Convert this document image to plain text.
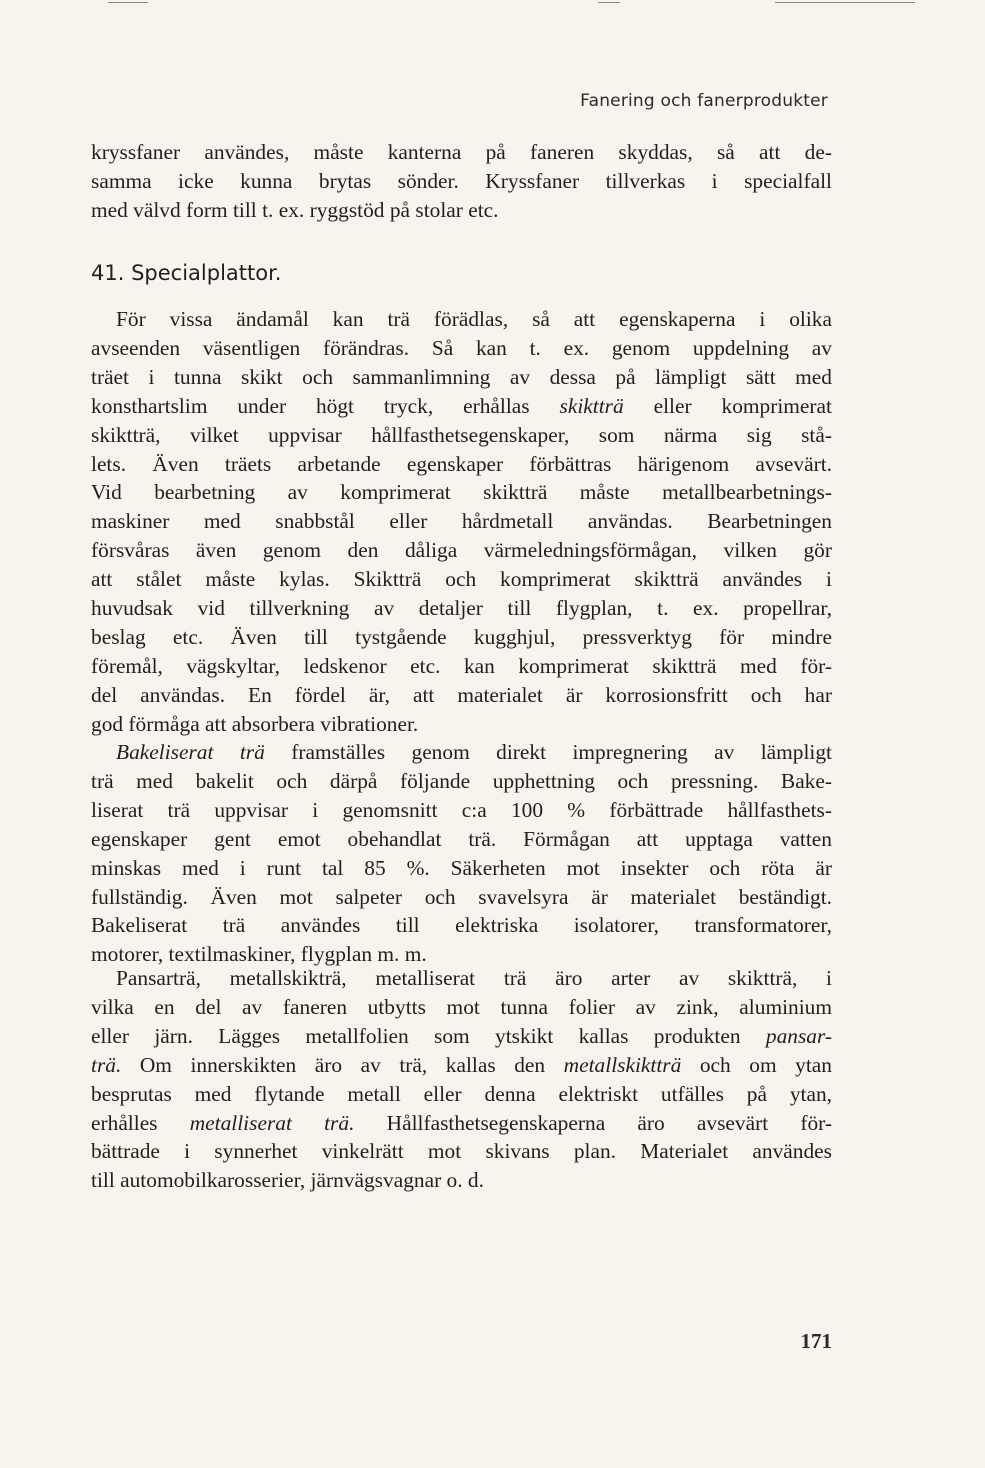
Fanering och fanerprodukter

kryssfaner användes, måste kanterna på faneren skyddas, så att de-

samma icke kunna brytas sönder. Kryssfaner tillverkas i specialfall

med välvd form till t. ex. ryggstöd på stolar etc.

41. Specialplattor.

För vissa ändamål kan trä förädlas, så att egenskaperna i olika

avseenden väsentligen förändras. Så kan t. ex. genom uppdelning av

träet i tunna skikt och sammanlimning av dessa på lämpligt sätt med

konsthartslim under högt tryck, erhållas skiktträ eller komprimerat

skiktträ, vilket uppvisar hållfasthetsegenskaper, som närma sig stå-

lets. Även träets arbetande egenskaper förbättras härigenom avsevärt.

Vid bearbetning av komprimerat skiktträ måste metallbearbetnings-

maskiner med snabbstål eller hårdmetall användas. Bearbetningen

försvåras även genom den dåliga värmeledningsförmågan, vilken gör

att stålet måste kylas. Skiktträ och komprimerat skiktträ användes i

huvudsak vid tillverkning av detaljer till flygplan, t. ex. propellrar,

beslag etc. Även till tystgående kugghjul, pressverktyg för mindre

föremål, vägskyltar, ledskenor etc. kan komprimerat skiktträ med för-

del användas. En fördel är, att materialet är korrosionsfritt och har

god förmåga att absorbera vibrationer.

Bakeliserat trä framställes genom direkt impregnering av lämpligt

trä med bakelit och därpå följande upphettning och pressning. Bake-

liserat trä uppvisar i genomsnitt c:a 100 % förbättrade hållfasthets-

egenskaper gent emot obehandlat trä. Förmågan att upptaga vatten

minskas med i runt tal 85 %. Säkerheten mot insekter och röta är

fullständig. Även mot salpeter och svavelsyra är materialet beständigt.

Bakeliserat trä användes till elektriska isolatorer, transformatorer,

motorer, textilmaskiner, flygplan m. m.

Pansarträ, metallskikträ, metalliserat trä äro arter av skiktträ, i

vilka en del av faneren utbytts mot tunna folier av zink, aluminium

eller järn. Lägges metallfolien som ytskikt kallas produkten pansar-

trä. Om innerskikten äro av trä, kallas den metallskiktträ och om ytan

besprutas med flytande metall eller denna elektriskt utfälles på ytan,

erhålles metalliserat trä. Hållfasthetsegenskaperna äro avsevärt för-

bättrade i synnerhet vinkelrätt mot skivans plan. Materialet användes

till automobilkarosserier, järnvägsvagnar o. d.

171
